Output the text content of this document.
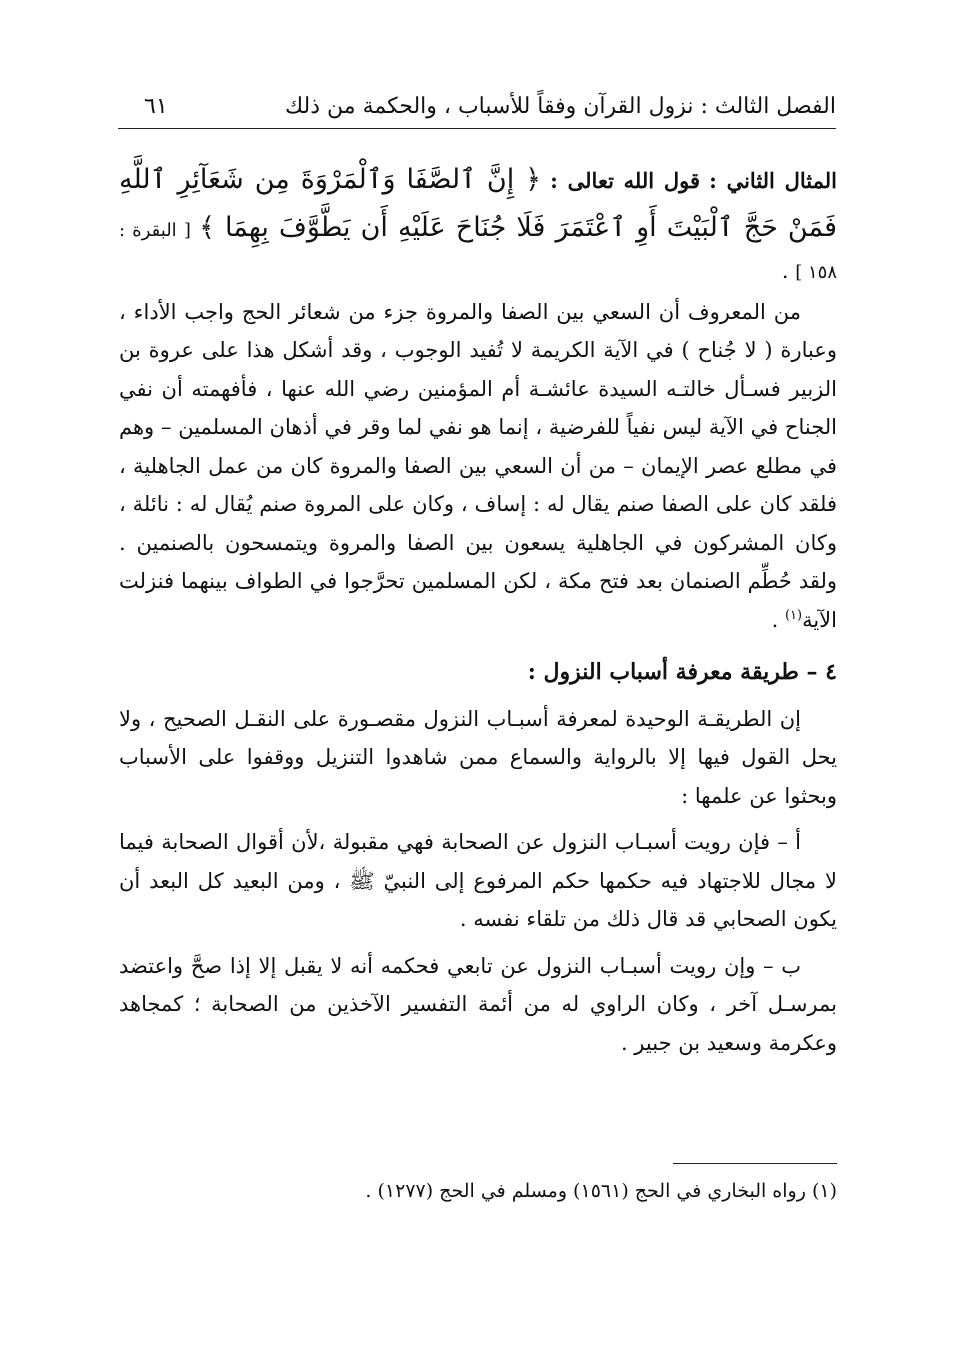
الفصل الثالث : نزول القرآن وفقاً للأسباب ، والحكمة من ذلك
٦١

المثال الثاني : قول الله تعالى : ﴿ إِنَّ ٱلصَّفَا وَٱلْمَرْوَةَ مِن شَعَآئِرِ ٱللَّهِ فَمَنْ حَجَّ ٱلْبَيْتَ أَوِ ٱعْتَمَرَ فَلَا جُنَاحَ عَلَيْهِ أَن يَطَّوَّفَ بِهِمَا ﴾ [ البقرة : ١٥٨ ] .

من المعروف أن السعي بين الصفا والمروة جزء من شعائر الحج واجب الأداء ، وعبارة ( لا جُناح ) في الآية الكريمة لا تُفيد الوجوب ، وقد أشكل هذا على عروة بن الزبير فسـأل خالتـه السيدة عائشـة أم المؤمنين رضي الله عنها ، فأفهمته أن نفي الجناح في الآية ليس نفياً للفرضية ، إنما هو نفي لما وقر في أذهان المسلمين – وهم في مطلع عصر الإيمان – من أن السعي بين الصفا والمروة كان من عمل الجاهلية ، فلقد كان على الصفا صنم يقال له : إساف ، وكان على المروة صنم يُقال له : نائلة ، وكان المشركون في الجاهلية يسعون بين الصفا والمروة ويتمسحون بالصنمين . ولقد حُطِّم الصنمان بعد فتح مكة ، لكن المسلمين تحرَّجوا في الطواف بينهما فنزلت الآية$^{(١)}$ .

٤ – طريقة معرفة أسباب النزول :

إن الطريقـة الوحيدة لمعرفة أسبـاب النزول مقصـورة على النقـل الصحيح ، ولا يحل القول فيها إلا بالرواية والسماع ممن شاهدوا التنزيل ووقفوا على الأسباب وبحثوا عن علمها :

أ – فإن رويت أسبـاب النزول عن الصحابة فهي مقبولة ،لأن أقوال الصحابة فيما لا مجال للاجتهاد فيه حكمها حكم المرفوع إلى النبيّ ﷺ ، ومن البعيد كل البعد أن يكون الصحابي قد قال ذلك من تلقاء نفسه .

ب – وإن رويت أسبـاب النزول عن تابعي فحكمه أنه لا يقبل إلا إذا صحَّ واعتضد بمرسـل آخر ، وكان الراوي له من أئمة التفسير الآخذين من الصحابة ؛ كمجاهد وعكرمة وسعيد بن جبير .

(١) رواه البخاري في الحج (١٥٦١) ومسلم في الحج (١٢٧٧) .
